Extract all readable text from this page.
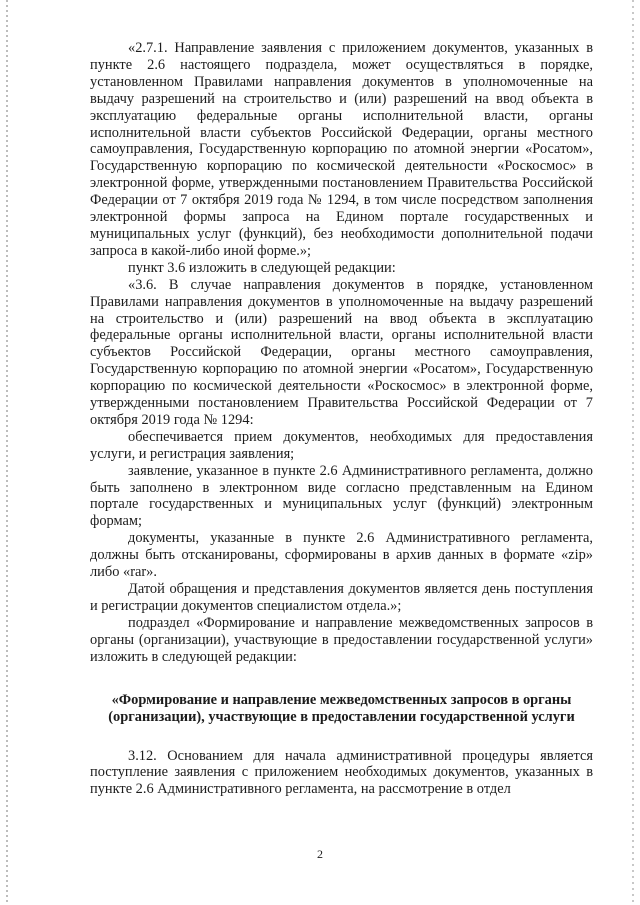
«2.7.1. Направление заявления с приложением документов, указанных в пункте 2.6 настоящего подраздела, может осуществляться в порядке, установленном Правилами направления документов в уполномоченные на выдачу разрешений на строительство и (или) разрешений на ввод объекта в эксплуатацию федеральные органы исполнительной власти, органы исполнительной власти субъектов Российской Федерации, органы местного самоуправления, Государственную корпорацию по атомной энергии «Росатом», Государственную корпорацию по космической деятельности «Роскосмос» в электронной форме, утвержденными постановлением Правительства Российской Федерации от 7 октября 2019 года № 1294, в том числе посредством заполнения электронной формы запроса на Едином портале государственных и муниципальных услуг (функций), без необходимости дополнительной подачи запроса в какой-либо иной форме.»;

пункт 3.6 изложить в следующей редакции:

«3.6. В случае направления документов в порядке, установленном Правилами направления документов в уполномоченные на выдачу разрешений на строительство и (или) разрешений на ввод объекта в эксплуатацию федеральные органы исполнительной власти, органы исполнительной власти субъектов Российской Федерации, органы местного самоуправления, Государственную корпорацию по атомной энергии «Росатом», Государственную корпорацию по космической деятельности «Роскосмос» в электронной форме, утвержденными постановлением Правительства Российской Федерации от 7 октября 2019 года № 1294:

обеспечивается прием документов, необходимых для предоставления услуги, и регистрация заявления;

заявление, указанное в пункте 2.6 Административного регламента, должно быть заполнено в электронном виде согласно представленным на Едином портале государственных и муниципальных услуг (функций) электронным формам;

документы, указанные в пункте 2.6 Административного регламента, должны быть отсканированы, сформированы в архив данных в формате «zip» либо «rar».

Датой обращения и представления документов является день поступления и регистрации документов специалистом отдела.»;

подраздел «Формирование и направление межведомственных запросов в органы (организации), участвующие в предоставлении государственной услуги» изложить в следующей редакции:

«Формирование и направление межведомственных запросов в органы (организации), участвующие в предоставлении государственной услуги

3.12. Основанием для начала административной процедуры является поступление заявления с приложением необходимых документов, указанных в пункте 2.6 Административного регламента, на рассмотрение в отдел

2
